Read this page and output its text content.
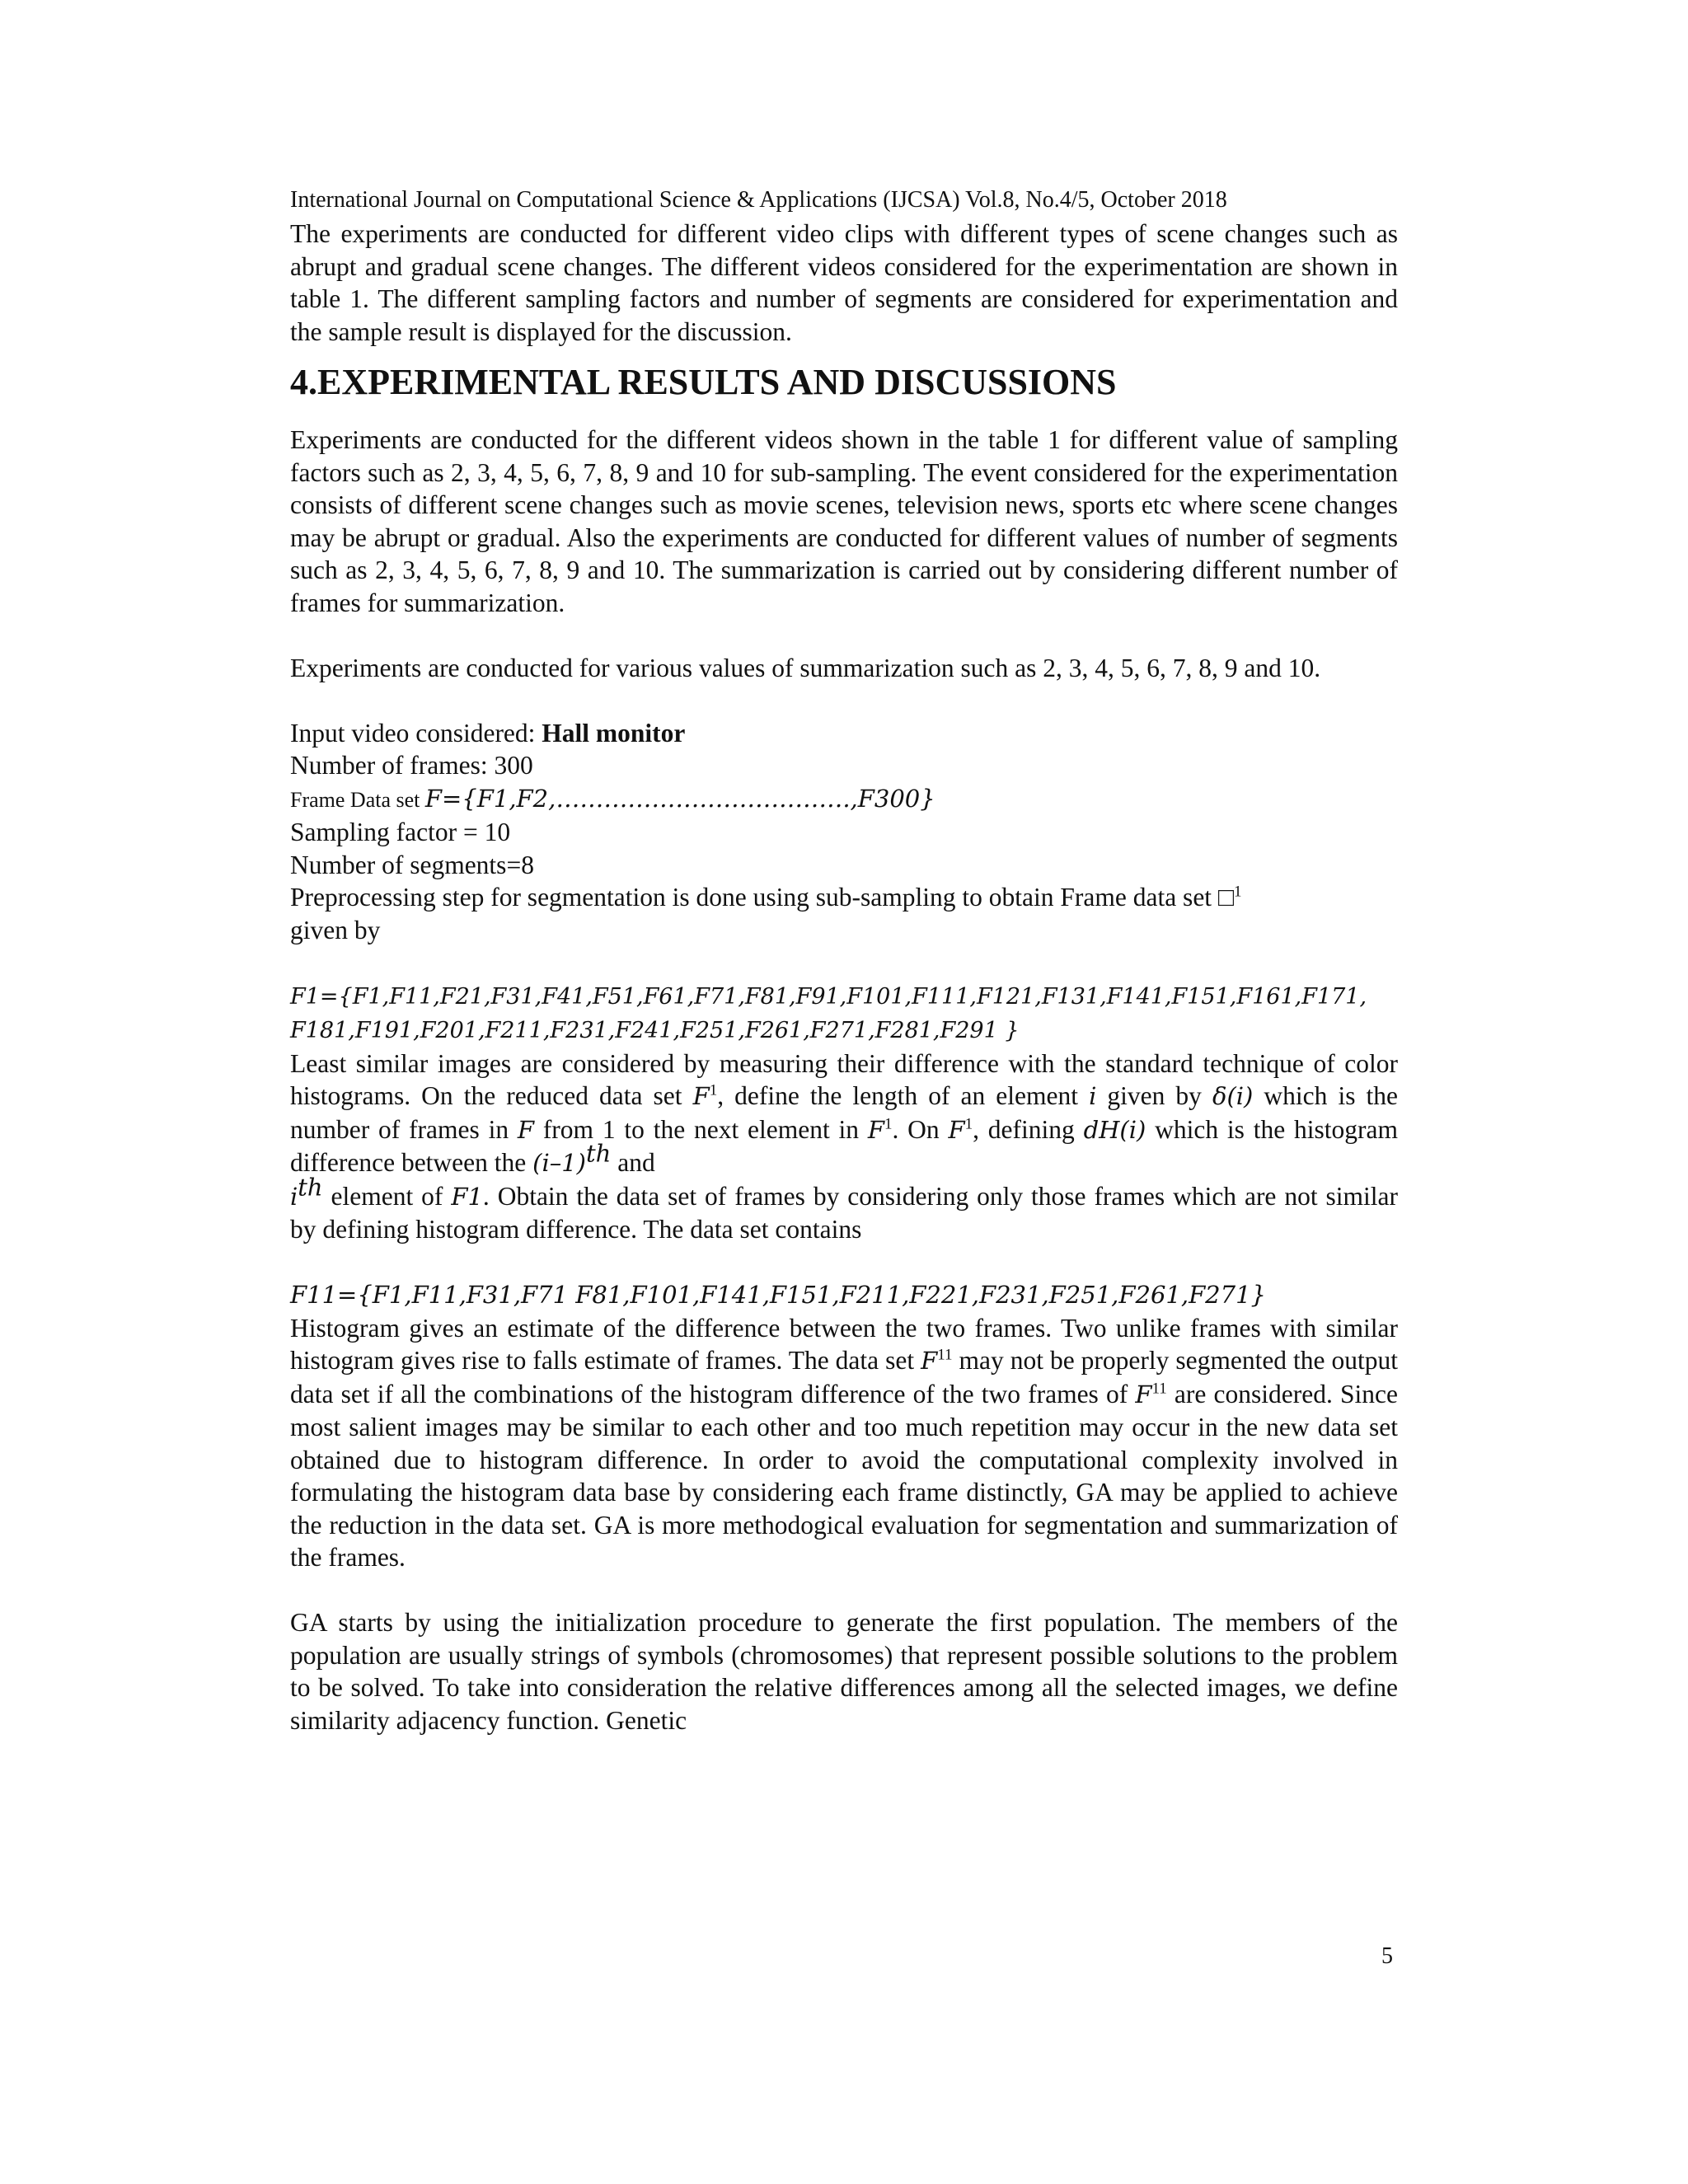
International Journal on Computational Science & Applications (IJCSA) Vol.8, No.4/5, October 2018

The experiments are conducted for different video clips with different types of scene changes such as abrupt and gradual scene changes. The different videos considered for the experimentation are shown in table 1. The different sampling factors and number of segments are considered for experimentation and the sample result is displayed for the discussion.

4.EXPERIMENTAL RESULTS AND DISCUSSIONS

Experiments are conducted for the different videos shown in the table 1 for different value of sampling factors such as 2, 3, 4, 5, 6, 7, 8, 9 and 10 for sub-sampling. The event considered for the experimentation consists of different scene changes such as movie scenes, television news, sports etc where scene changes may be abrupt or gradual. Also the experiments are conducted for different values of number of segments such as 2, 3, 4, 5, 6, 7, 8, 9 and 10. The summarization is carried out by considering different number of frames for summarization.

Experiments are conducted for various values of summarization such as 2, 3, 4, 5, 6, 7, 8, 9 and 10.

Input video considered: Hall monitor

Number of frames: 300

Frame Data set F={F1,F2,……………………………….,F300}

Sampling factor = 10

Number of segments=8

Preprocessing step for segmentation is done using sub-sampling to obtain Frame data set □$^1$

given by

F1={F1,F11,F21,F31,F41,F51,F61,F71,F81,F91,F101,F111,F121,F131,F141,F151,F161,F171,

F181,F191,F201,F211,F231,F241,F251,F261,F271,F281,F291 }

Least similar images are considered by measuring their difference with the standard technique of color histograms. On the reduced data set $F^1$, define the length of an element i given by δ(i) which is the number of frames in F from 1 to the next element in $F^1$. On $F^1$, defining dH(i) which is the histogram difference between the $(i-1)^{th}$ and
$i^{th}$ element of F1. Obtain the data set of frames by considering only those frames which are not similar by defining histogram difference. The data set contains

F11={F1,F11,F31,F71 F81,F101,F141,F151,F211,F221,F231,F251,F261,F271}

Histogram gives an estimate of the difference between the two frames. Two unlike frames with similar histogram gives rise to falls estimate of frames. The data set $F^{11}$ may not be properly segmented the output data set if all the combinations of the histogram difference of the two frames of $F^{11}$ are considered. Since most salient images may be similar to each other and too much repetition may occur in the new data set obtained due to histogram difference. In order to avoid the computational complexity involved in formulating the histogram data base by considering each frame distinctly, GA may be applied to achieve the reduction in the data set. GA is more methodogical evaluation for segmentation and summarization of the frames.

GA starts by using the initialization procedure to generate the first population. The members of the population are usually strings of symbols (chromosomes) that represent possible solutions to the problem to be solved. To take into consideration the relative differences among all the selected images, we define similarity adjacency function. Genetic

5
